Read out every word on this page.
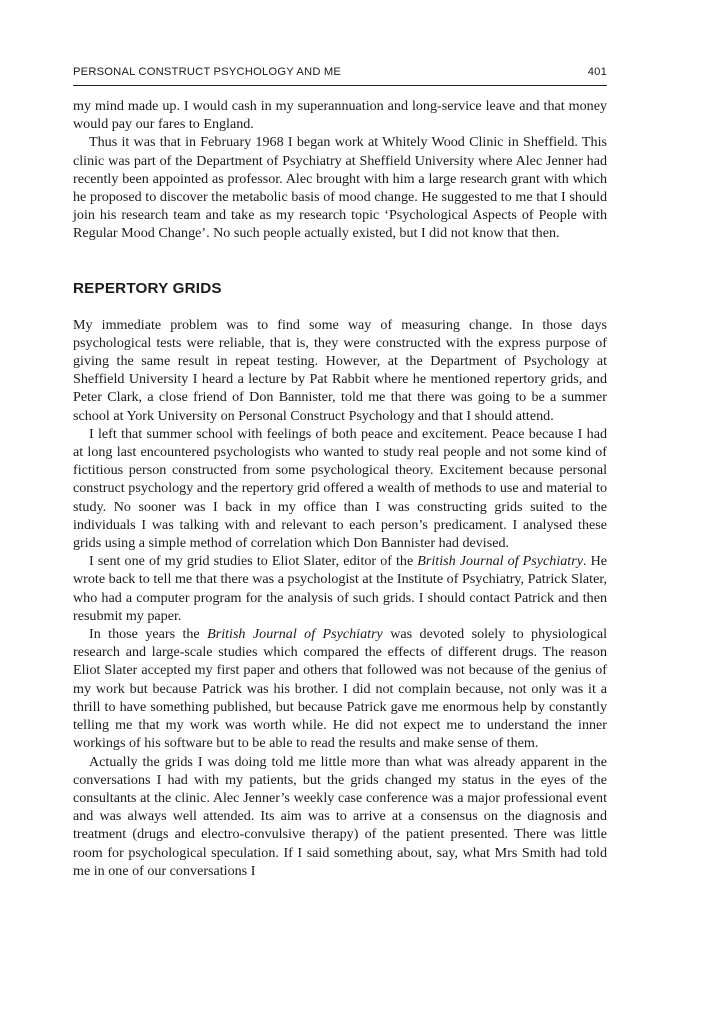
PERSONAL CONSTRUCT PSYCHOLOGY AND ME	401

my mind made up. I would cash in my superannuation and long-service leave and that money would pay our fares to England.

Thus it was that in February 1968 I began work at Whitely Wood Clinic in Sheffield. This clinic was part of the Department of Psychiatry at Sheffield University where Alec Jenner had recently been appointed as professor. Alec brought with him a large research grant with which he proposed to discover the metabolic basis of mood change. He suggested to me that I should join his research team and take as my research topic ‘Psychological Aspects of People with Regular Mood Change’. No such people actually existed, but I did not know that then.

REPERTORY GRIDS

My immediate problem was to find some way of measuring change. In those days psychological tests were reliable, that is, they were constructed with the express purpose of giving the same result in repeat testing. However, at the Department of Psychology at Sheffield University I heard a lecture by Pat Rabbit where he mentioned repertory grids, and Peter Clark, a close friend of Don Bannister, told me that there was going to be a summer school at York University on Personal Construct Psychology and that I should attend.

I left that summer school with feelings of both peace and excitement. Peace because I had at long last encountered psychologists who wanted to study real people and not some kind of fictitious person constructed from some psychological theory. Excitement because personal construct psychology and the repertory grid offered a wealth of methods to use and material to study. No sooner was I back in my office than I was constructing grids suited to the individuals I was talking with and relevant to each person’s predicament. I analysed these grids using a simple method of correlation which Don Bannister had devised.

I sent one of my grid studies to Eliot Slater, editor of the British Journal of Psychiatry. He wrote back to tell me that there was a psychologist at the Institute of Psychiatry, Patrick Slater, who had a computer program for the analysis of such grids. I should contact Patrick and then resubmit my paper.

In those years the British Journal of Psychiatry was devoted solely to physiological research and large-scale studies which compared the effects of different drugs. The reason Eliot Slater accepted my first paper and others that followed was not because of the genius of my work but because Patrick was his brother. I did not complain because, not only was it a thrill to have something published, but because Patrick gave me enormous help by constantly telling me that my work was worth while. He did not expect me to understand the inner workings of his software but to be able to read the results and make sense of them.

Actually the grids I was doing told me little more than what was already apparent in the conversations I had with my patients, but the grids changed my status in the eyes of the consultants at the clinic. Alec Jenner’s weekly case conference was a major professional event and was always well attended. Its aim was to arrive at a consensus on the diagnosis and treatment (drugs and electro-convulsive therapy) of the patient presented. There was little room for psychological speculation. If I said something about, say, what Mrs Smith had told me in one of our conversations I
